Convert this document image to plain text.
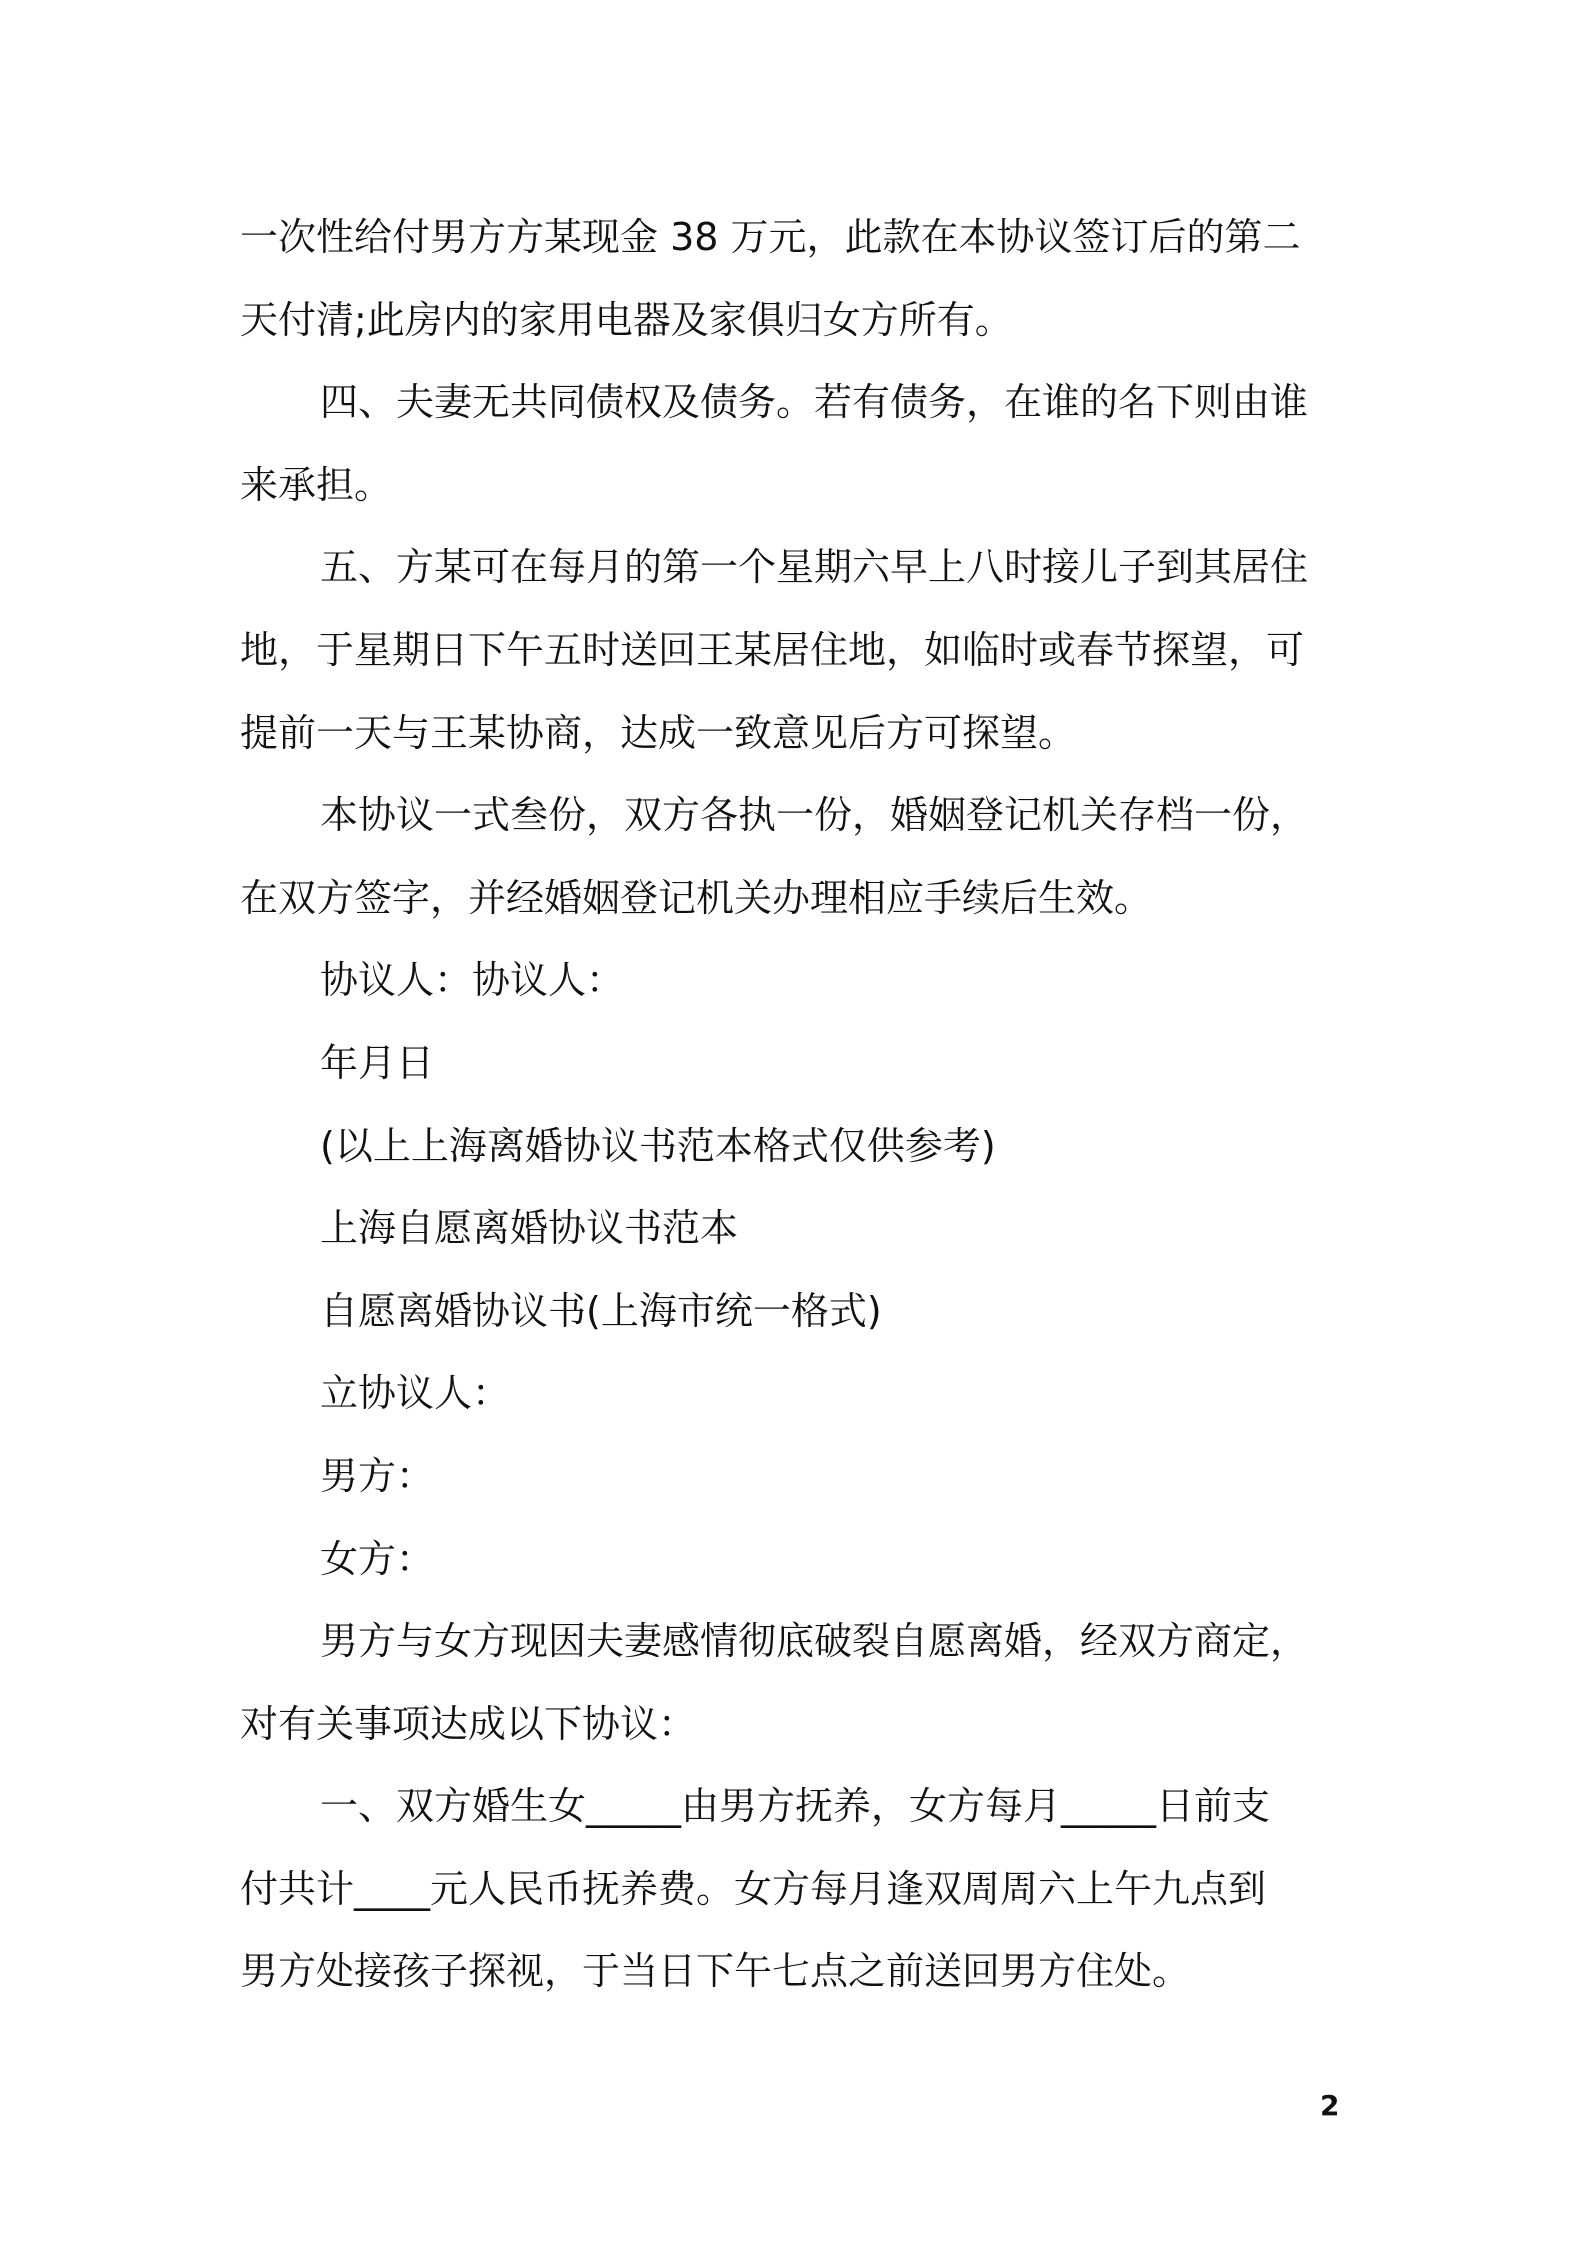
一次性给付男方方某现金 38 万元，此款在本协议签订后的第二
天付清;此房内的家用电器及家俱归女方所有。
四、夫妻无共同债权及债务。若有债务，在谁的名下则由谁
来承担。
五、方某可在每月的第一个星期六早上八时接儿子到其居住
地，于星期日下午五时送回王某居住地，如临时或春节探望，可
提前一天与王某协商，达成一致意见后方可探望。
本协议一式叁份，双方各执一份，婚姻登记机关存档一份，
在双方签字，并经婚姻登记机关办理相应手续后生效。
协议人：协议人：
年月日
(以上上海离婚协议书范本格式仅供参考)
上海自愿离婚协议书范本
自愿离婚协议书(上海市统一格式)
立协议人：
男方：
女方：
男方与女方现因夫妻感情彻底破裂自愿离婚，经双方商定，
对有关事项达成以下协议：
一、双方婚生女_____由男方抚养，女方每月_____日前支
付共计____元人民币抚养费。女方每月逢双周周六上午九点到
男方处接孩子探视，于当日下午七点之前送回男方住处。
2
